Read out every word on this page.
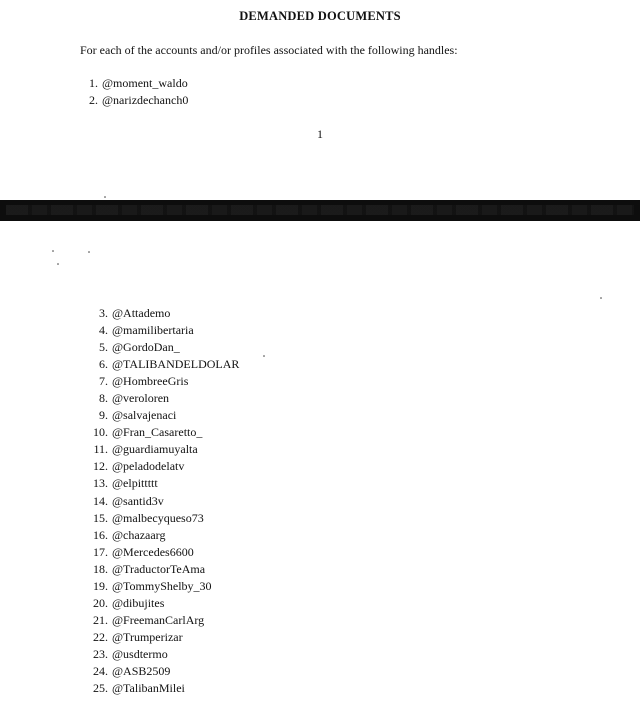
DEMANDED DOCUMENTS
For each of the accounts and/or profiles associated with the following handles:
1. @moment_waldo
2. @narizdechanch0
1
3. @Attademo
4. @mamilibertaria
5. @GordoDan_
6. @TALIBANDELDOLAR
7. @HombreeGris
8. @veroloren
9. @salvajenaci
10. @Fran_Casaretto_
11. @guardiamuyalta
12. @peladodelatv
13. @elpittttt
14. @santid3v
15. @malbecyqueso73
16. @chazaarg
17. @Mercedes6600
18. @TraductorTeAma
19. @TommyShelby_30
20. @dibujites
21. @FreemanCarlArg
22. @Trumperizar
23. @usdtermo
24. @ASB2509
25. @TalibanMilei
